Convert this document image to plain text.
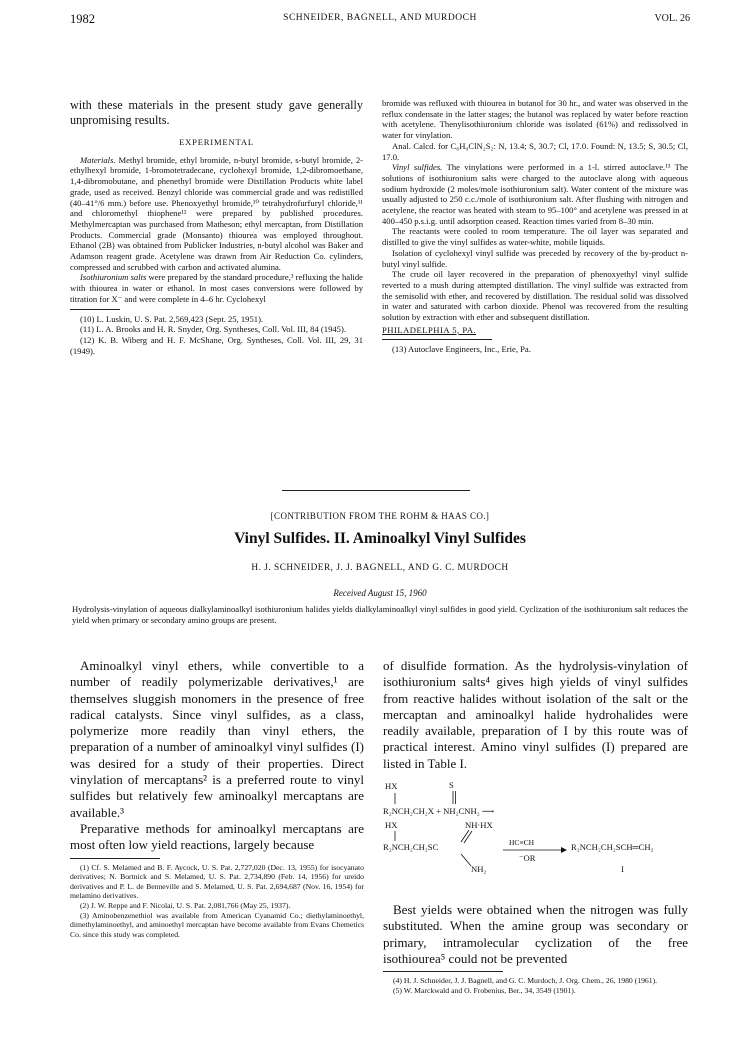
1982	SCHNEIDER, BAGNELL, AND MURDOCH	VOL. 26

with these materials in the present study gave generally unpromising results.

EXPERIMENTAL

Materials. Methyl bromide, ethyl bromide, n-butyl bromide, s-butyl bromide, 2-ethylhexyl bromide, 1-bromotetradecane, cyclohexyl bromide, 1,2-dibromoethane, 1,4-dibromobutane, and phenethyl bromide were Distillation Products white label grade, used as received. Benzyl chloride was commercial grade and was redistilled (40–41°/6 mm.) before use. Phenoxyethyl bromide,¹⁰ tetrahydrofurfuryl chloride,¹¹ and chloromethyl thiophene¹² were prepared by published procedures. Methylmercaptan was purchased from Matheson; ethyl mercaptan, from Distillation Products. Commercial grade (Monsanto) thiourea was employed throughout. Ethanol (2B) was obtained from Publicker Industries, n-butyl alcohol was Baker and Adamson reagent grade. Acetylene was drawn from Air Reduction Co. cylinders, compressed and scrubbed with carbon and activated alumina.

Isothiuronium salts were prepared by the standard procedure,³ refluxing the halide with thiourea in water or ethanol. In most cases conversions were followed by titration for X⁻ and were complete in 4–6 hr. Cyclohexyl

(10) L. Luskin, U. S. Pat. 2,569,423 (Sept. 25, 1951).

(11) L. A. Brooks and H. R. Snyder, Org. Syntheses, Coll. Vol. III, 84 (1945).

(12) K. B. Wiberg and H. F. McShane, Org. Syntheses, Coll. Vol. III, 29, 31 (1949).

bromide was refluxed with thiourea in butanol for 30 hr., and water was observed in the reflux condensate in the latter stages; the butanol was replaced by water before reaction with acetylene. Thenylisothiuronium chloride was isolated (61%) and redissolved in water for vinylation.

Anal. Calcd. for C₆H₉ClN₂S₂: N, 13.4; S, 30.7; Cl, 17.0. Found: N, 13.5; S, 30.5; Cl, 17.0.

Vinyl sulfides. The vinylations were performed in a 1-l. stirred autoclave.¹³ The solutions of isothiuronium salts were charged to the autoclave along with aqueous sodium hydroxide (2 moles/mole isothiuronium salt). Water content of the mixture was usually adjusted to 250 c.c./mole of isothiuronium salt. After flushing with nitrogen and acetylene, the reactor was heated with steam to 95–100° and acetylene was pressed in at 400–450 p.s.i.g. until adsorption ceased. Reaction times varied from 8–30 min.

The reactants were cooled to room temperature. The oil layer was separated and distilled to give the vinyl sulfides as water-white, mobile liquids.

Isolation of cyclohexyl vinyl sulfide was preceded by recovery of the by-product n-butyl vinyl sulfide.

The crude oil layer recovered in the preparation of phenoxyethyl vinyl sulfide reverted to a mush during attempted distillation. The vinyl sulfide was extracted from the semisolid with ether, and recovered by distillation. The residual solid was dissolved in water and saturated with carbon dioxide. Phenol was recovered from the resulting solution by extraction with ether and subsequent distillation.

PHILADELPHIA 5, PA.

(13) Autoclave Engineers, Inc., Erie, Pa.

[CONTRIBUTION FROM THE ROHM & HAAS CO.]
Vinyl Sulfides. II. Aminoalkyl Vinyl Sulfides
H. J. SCHNEIDER, J. J. BAGNELL, AND G. C. MURDOCH
Received August 15, 1960
Hydrolysis-vinylation of aqueous dialkylaminoalkyl isothiuronium halides yields dialkylaminoalkyl vinyl sulfides in good yield. Cyclization of the isothiuronium salt reduces the yield when primary or secondary amino groups are present.

Aminoalkyl vinyl ethers, while convertible to a number of readily polymerizable derivatives,¹ are themselves sluggish monomers in the presence of free radical catalysts. Since vinyl sulfides, as a class, polymerize more readily than vinyl ethers, the preparation of a number of aminoalkyl vinyl sulfides (I) was desired for a study of their properties. Direct vinylation of mercaptans² is a preferred route to vinyl sulfides but relatively few aminoalkyl mercaptans are available.³

Preparative methods for aminoalkyl mercaptans are most often low yield reactions, largely because

(1) Cf. S. Melamed and B. F. Aycock, U. S. Pat. 2,727,020 (Dec. 13, 1955) for isocyanato derivatives; N. Bortnick and S. Melamed, U. S. Pat. 2,734,890 (Feb. 14, 1956) for ureido derivatives and P. L. de Benneville and S. Melamed, U. S. Pat. 2,694,687 (Nov. 16, 1954) for melamino derivatives.

(2) J. W. Reppe and F. Nicolai, U. S. Pat. 2,081,766 (May 25, 1937).

(3) Aminobenzenethiol was available from American Cyanamid Co.; diethylaminoethyl, dimethylaminoethyl, and aminoethyl mercaptan have become available from Evans Chemetics Co. since this study was completed.

of disulfide formation. As the hydrolysis-vinylation of isothiuronium salts⁴ gives high yields of vinyl sulfides from reactive halides without isolation of the salt or the mercaptan and aminoalkyl halide hydrohalides were readily available, preparation of I by this route was of practical interest. Amino vinyl sulfides (I) prepared are listed in Table I.

HX	S
R₂NCH₂CH₂X + NH₂CNH₂ ⟶
HX	NH·HX
R₂NCH₂CH₂SC	HC≡CH
⁻OR
R₂NCH₂CH₂SCH═CH₂
NH₂	I

Best yields were obtained when the nitrogen was fully substituted. When the amine group was secondary or primary, intramolecular cyclization of the free isothiourea⁵ could not be prevented

(4) H. J. Schneider, J. J. Bagnell, and G. C. Murdoch, J. Org. Chem., 26, 1980 (1961).

(5) W. Marckwald and O. Frobenius, Ber., 34, 3549 (1901).
